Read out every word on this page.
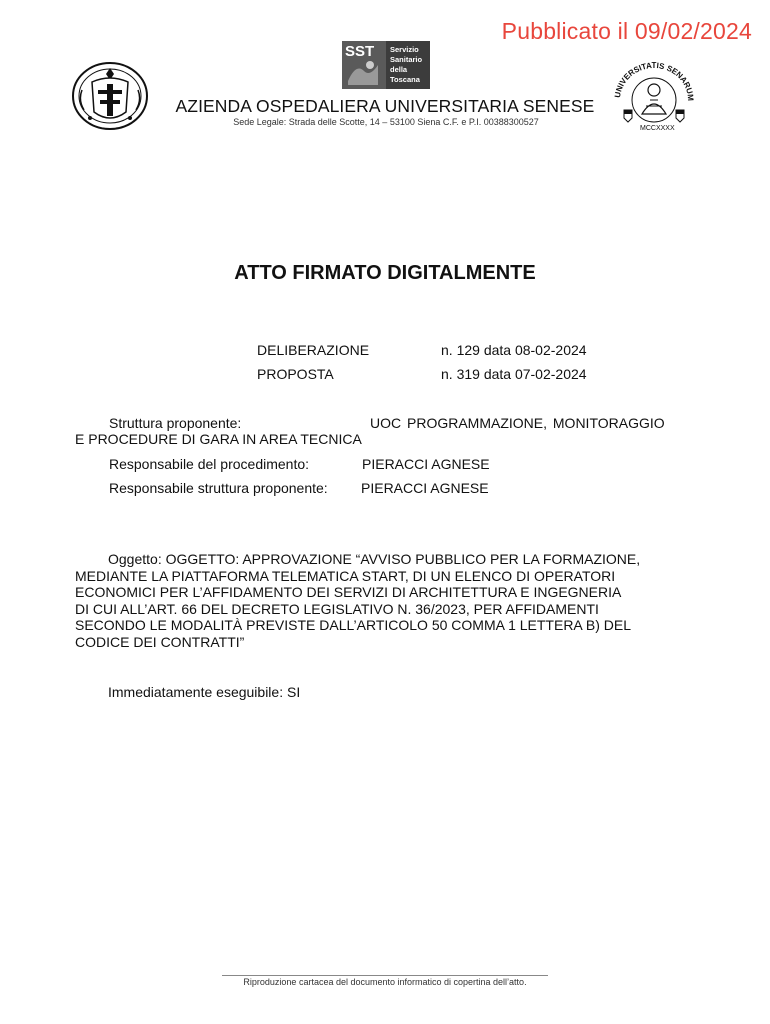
Pubblicato il 09/02/2024
SST Servizio
Sanitario
della
Toscana
UNIVERSITATIS SENARUM
MCCXXXX
AZIENDA OSPEDALIERA UNIVERSITARIA SENESE
Sede Legale: Strada delle Scotte, 14 – 53100 Siena C.F. e P.I. 00388300527
ATTO FIRMATO DIGITALMENTE
DELIBERAZIONE	n. 129 data 08-02-2024
PROPOSTA	n. 319 data 07-02-2024
Struttura proponente:	UOC PROGRAMMAZIONE, MONITORAGGIO
E PROCEDURE DI GARA IN AREA TECNICA
Responsabile del procedimento:	PIERACCI AGNESE
Responsabile struttura proponente: PIERACCI AGNESE
Oggetto: OGGETTO: APPROVAZIONE “AVVISO PUBBLICO PER LA FORMAZIONE,
MEDIANTE LA PIATTAFORMA TELEMATICA START, DI UN ELENCO DI OPERATORI
ECONOMICI PER L’AFFIDAMENTO DEI SERVIZI DI ARCHITETTURA E INGEGNERIA
DI CUI ALL’ART. 66 DEL DECRETO LEGISLATIVO N. 36/2023, PER AFFIDAMENTI
SECONDO LE MODALITÀ PREVISTE DALL’ARTICOLO 50 COMMA 1 LETTERA B) DEL
CODICE DEI CONTRATTI”
Immediatamente eseguibile: SI
Riproduzione cartacea del documento informatico di copertina dell’atto.
